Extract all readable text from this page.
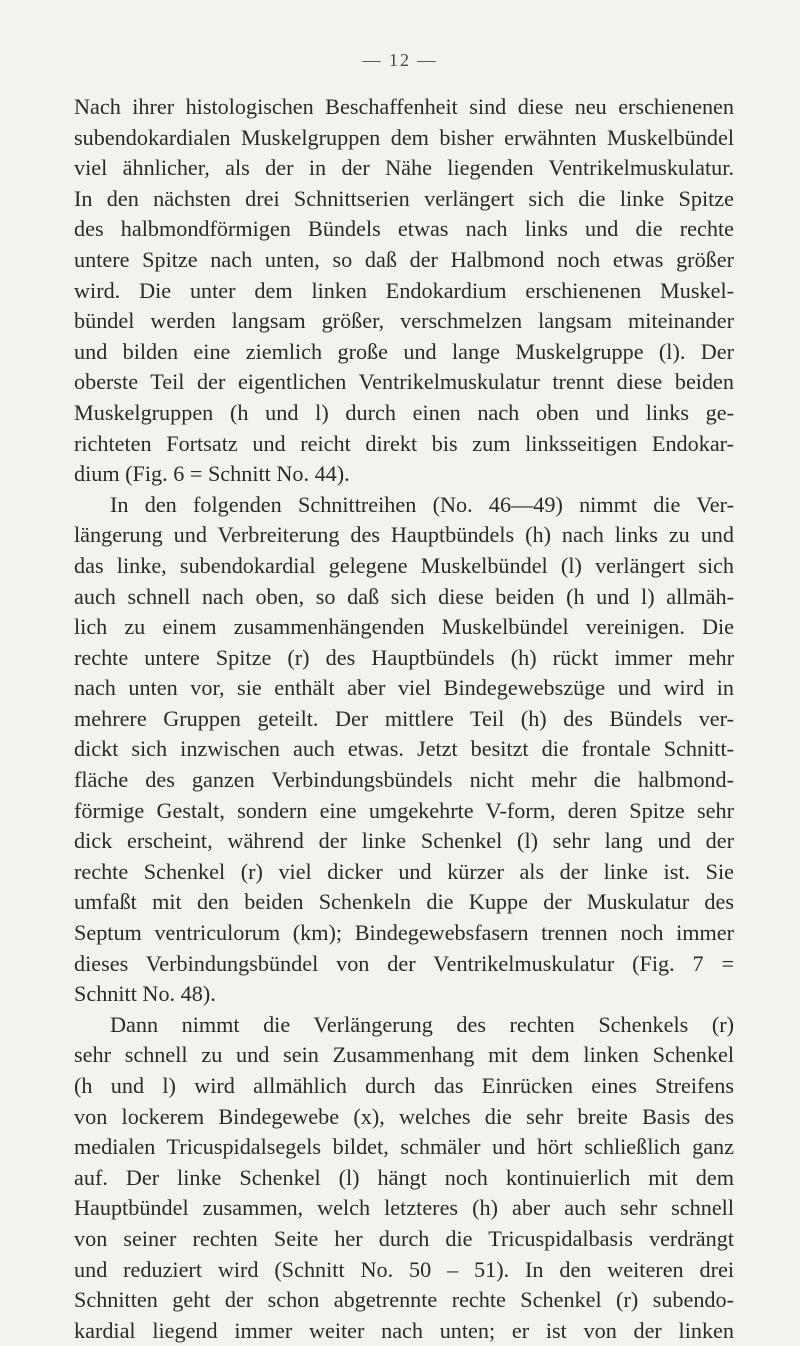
— 12 —
Nach ihrer histologischen Beschaffenheit sind diese neu erschienenen
subendokardialen Muskelgruppen dem bisher erwähnten Muskelbündel
viel ähnlicher, als der in der Nähe liegenden Ventrikelmuskulatur.
In den nächsten drei Schnittserien verlängert sich die linke Spitze
des halbmondförmigen Bündels etwas nach links und die rechte
untere Spitze nach unten, so daß der Halbmond noch etwas größer
wird. Die unter dem linken Endokardium erschienenen Muskel-
bündel werden langsam größer, verschmelzen langsam miteinander
und bilden eine ziemlich große und lange Muskelgruppe (l). Der
oberste Teil der eigentlichen Ventrikelmuskulatur trennt diese beiden
Muskelgruppen (h und l) durch einen nach oben und links ge-
richteten Fortsatz und reicht direkt bis zum linksseitigen Endokar-
dium (Fig. 6 = Schnitt No. 44).
In den folgenden Schnittreihen (No. 46—49) nimmt die Ver-
längerung und Verbreiterung des Hauptbündels (h) nach links zu und
das linke, subendokardial gelegene Muskelbündel (l) verlängert sich
auch schnell nach oben, so daß sich diese beiden (h und l) allmäh-
lich zu einem zusammenhängenden Muskelbündel vereinigen. Die
rechte untere Spitze (r) des Hauptbündels (h) rückt immer mehr
nach unten vor, sie enthält aber viel Bindegewebszüge und wird in
mehrere Gruppen geteilt. Der mittlere Teil (h) des Bündels ver-
dickt sich inzwischen auch etwas. Jetzt besitzt die frontale Schnitt-
fläche des ganzen Verbindungsbündels nicht mehr die halbmond-
förmige Gestalt, sondern eine umgekehrte V-form, deren Spitze sehr
dick erscheint, während der linke Schenkel (l) sehr lang und der
rechte Schenkel (r) viel dicker und kürzer als der linke ist. Sie
umfaßt mit den beiden Schenkeln die Kuppe der Muskulatur des
Septum ventriculorum (km); Bindegewebsfasern trennen noch immer
dieses Verbindungsbündel von der Ventrikelmuskulatur (Fig. 7 =
Schnitt No. 48).
Dann nimmt die Verlängerung des rechten Schenkels (r)
sehr schnell zu und sein Zusammenhang mit dem linken Schenkel
(h und l) wird allmählich durch das Einrücken eines Streifens
von lockerem Bindegewebe (x), welches die sehr breite Basis des
medialen Tricuspidalsegels bildet, schmäler und hört schließlich ganz
auf. Der linke Schenkel (l) hängt noch kontinuierlich mit dem
Hauptbündel zusammen, welch letzteres (h) aber auch sehr schnell
von seiner rechten Seite her durch die Tricuspidalbasis verdrängt
und reduziert wird (Schnitt No. 50 – 51). In den weiteren drei
Schnitten geht der schon abgetrennte rechte Schenkel (r) subendo-
kardial liegend immer weiter nach unten; er ist von der linken
